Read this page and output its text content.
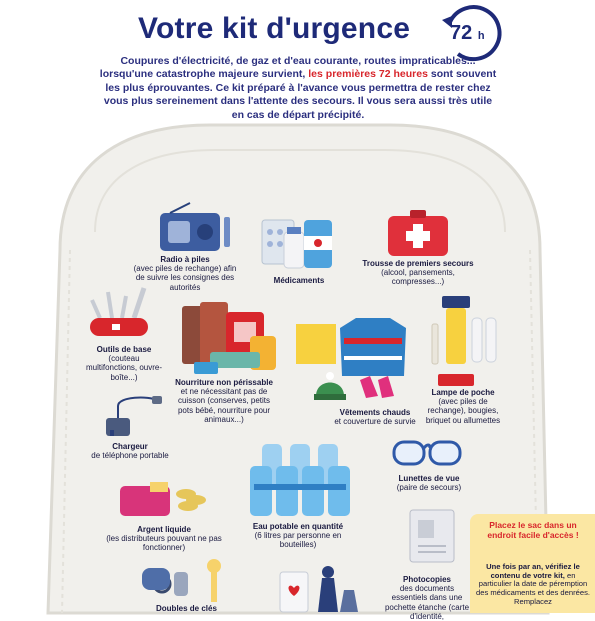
Votre kit d'urgence 72 h
Coupures d'électricité, de gaz et d'eau courante, routes impraticables... lorsqu'une catastrophe majeure survient, les premières 72 heures sont souvent les plus éprouvantes. Ce kit préparé à l'avance vous permettra de rester chez vous plus sereinement dans l'attente des secours. Il vous sera aussi très utile en cas de départ précipité.
Radio à piles
(avec piles de rechange) afin de suivre les consignes des autorités
Médicaments
Trousse de premiers secours
(alcool, pansements, compresses...)
Outils de base
(couteau multifonctions, ouvre-boîte...)
Nourriture non périssable
et ne nécessitant pas de cuisson (conserves, petits pots bébé, nourriture pour animaux...)
Vêtements chauds
et couverture de survie
Lampe de poche
(avec piles de rechange), bougies, briquet ou allumettes
Chargeur
de téléphone portable
Lunettes de vue
(paire de secours)
Eau potable en quantité
(6 litres par personne en bouteilles)
Argent liquide
(les distributeurs pouvant ne pas fonctionner)
Photocopies
des documents essentiels dans une pochette étanche (carte d'identité,
Doubles de clés
Placez le sac dans un endroit facile d'accès !
Une fois par an, vérifiez le contenu de votre kit, en particulier la date de péremption des médicaments et des denrées. Remplacez
